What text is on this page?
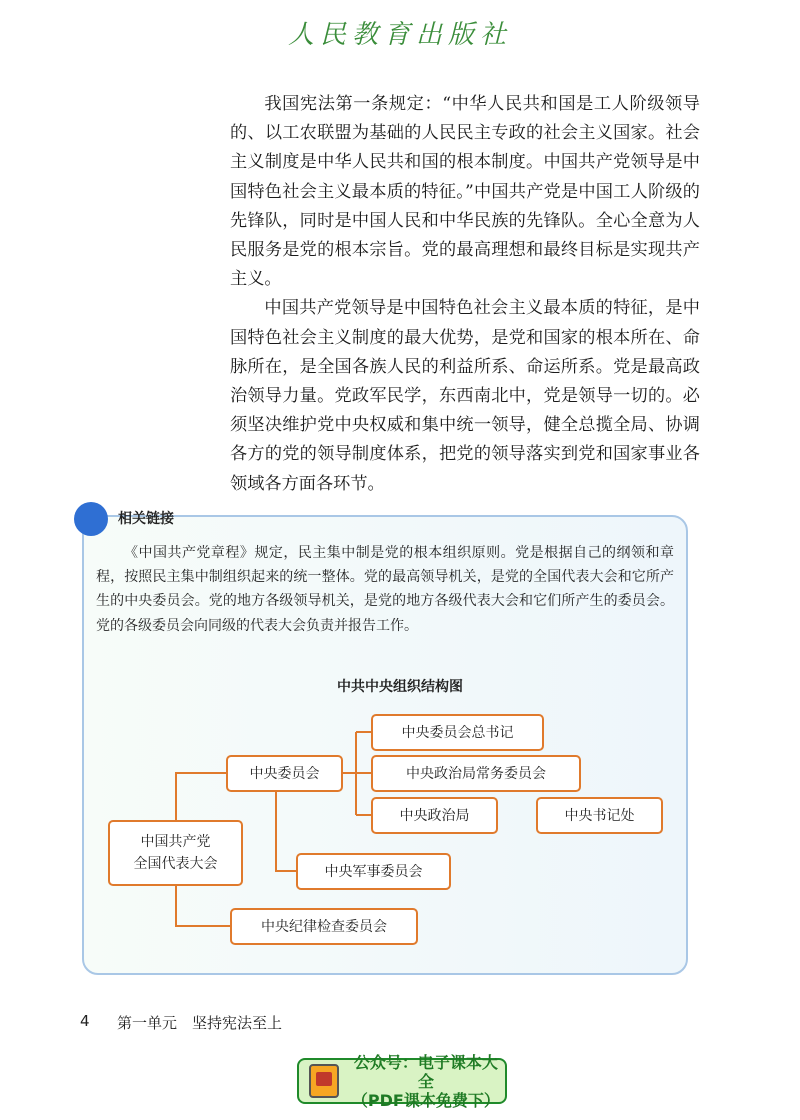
人民教育出版社

我国宪法第一条规定：“中华人民共和国是工人阶级领导的、以工农联盟为基础的人民民主专政的社会主义国家。社会主义制度是中华人民共和国的根本制度。中国共产党领导是中国特色社会主义最本质的特征。”中国共产党是中国工人阶级的先锋队，同时是中国人民和中华民族的先锋队。全心全意为人民服务是党的根本宗旨。党的最高理想和最终目标是实现共产主义。

中国共产党领导是中国特色社会主义最本质的特征，是中国特色社会主义制度的最大优势，是党和国家的根本所在、命脉所在，是全国各族人民的利益所系、命运所系。党是最高政治领导力量。党政军民学，东西南北中，党是领导一切的。必须坚决维护党中央权威和集中统一领导，健全总揽全局、协调各方的党的领导制度体系，把党的领导落实到党和国家事业各领域各方面各环节。

相关链接

《中国共产党章程》规定，民主集中制是党的根本组织原则。党是根据自己的纲领和章程，按照民主集中制组织起来的统一整体。党的最高领导机关，是党的全国代表大会和它所产生的中央委员会。党的地方各级领导机关，是党的地方各级代表大会和它们所产生的委员会。党的各级委员会向同级的代表大会负责并报告工作。

中共中央组织结构图
中国共产党
全国代表大会
中央委员会
中央委员会总书记
中央政治局常务委员会
中央政治局	中央书记处
中央军事委员会
中央纪律检查委员会
4 第一单元　坚持宪法至上
公众号：电子课本大全
（PDF课本免费下）
